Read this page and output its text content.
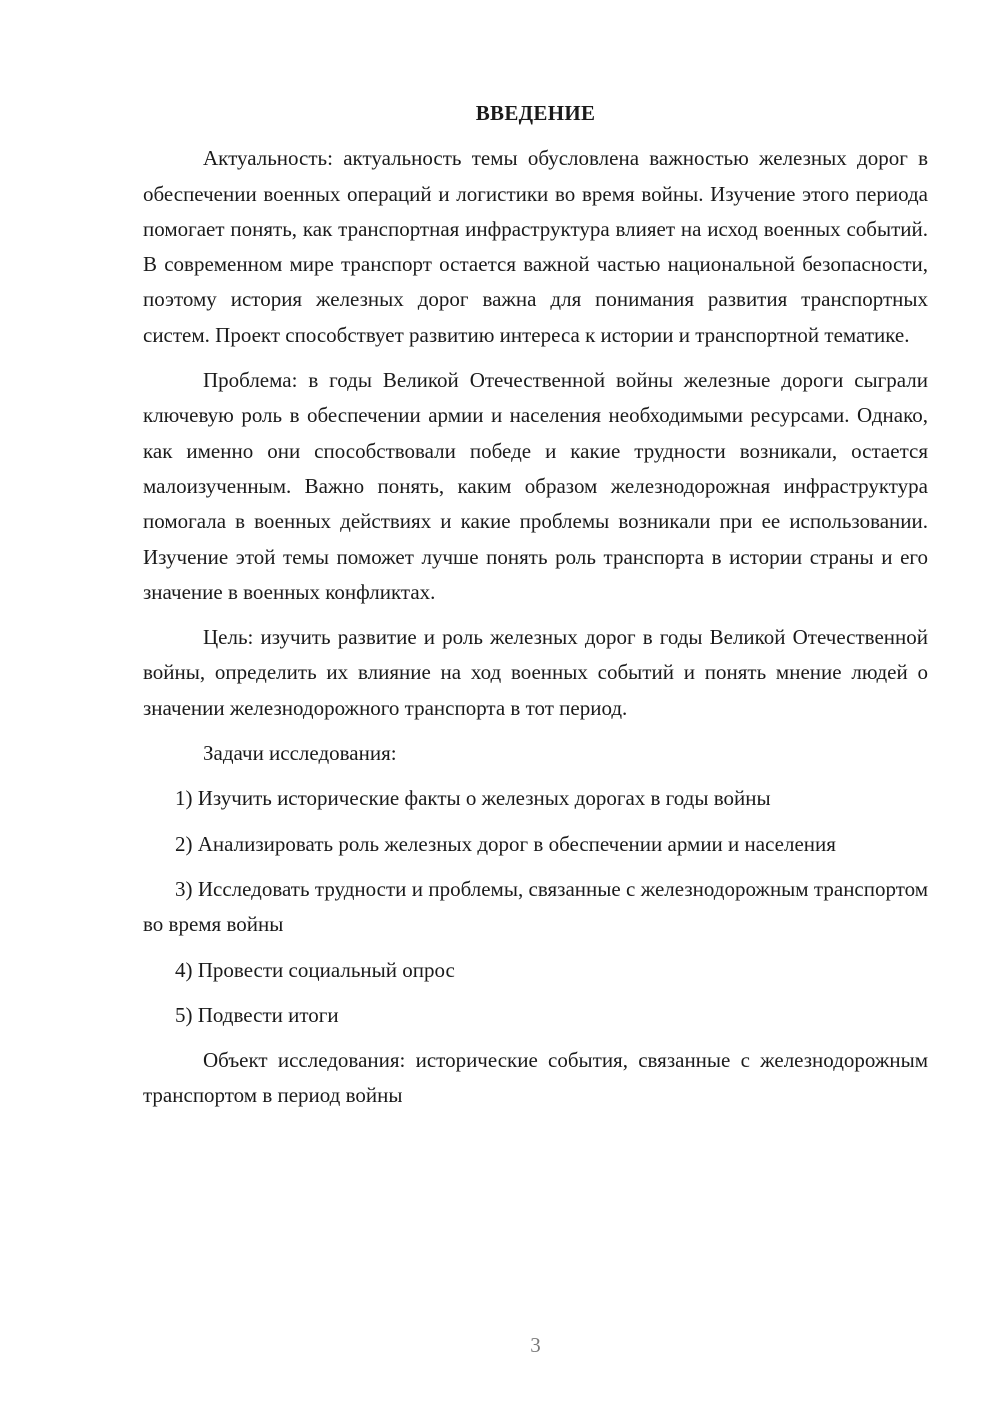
ВВЕДЕНИЕ

Актуальность: актуальность темы обусловлена важностью железных дорог в обеспечении военных операций и логистики во время войны. Изучение этого периода помогает понять, как транспортная инфраструктура влияет на исход военных событий. В современном мире транспорт остается важной частью национальной безопасности, поэтому история железных дорог важна для понимания развития транспортных систем. Проект способствует развитию интереса к истории и транспортной тематике.

Проблема: в годы Великой Отечественной войны железные дороги сыграли ключевую роль в обеспечении армии и населения необходимыми ресурсами. Однако, как именно они способствовали победе и какие трудности возникали, остается малоизученным. Важно понять, каким образом железнодорожная инфраструктура помогала в военных действиях и какие проблемы возникали при ее использовании. Изучение этой темы поможет лучше понять роль транспорта в истории страны и его значение в военных конфликтах.

Цель: изучить развитие и роль железных дорог в годы Великой Отечественной войны, определить их влияние на ход военных событий и понять мнение людей о значении железнодорожного транспорта в тот период.

Задачи исследования:

1) Изучить исторические факты о железных дорогах в годы войны

2) Анализировать роль железных дорог в обеспечении армии и населения

3) Исследовать трудности и проблемы, связанные с железнодорожным транспортом во время войны

4) Провести социальный опрос

5) Подвести итоги

Объект исследования: исторические события, связанные с железнодорожным транспортом в период войны

3
